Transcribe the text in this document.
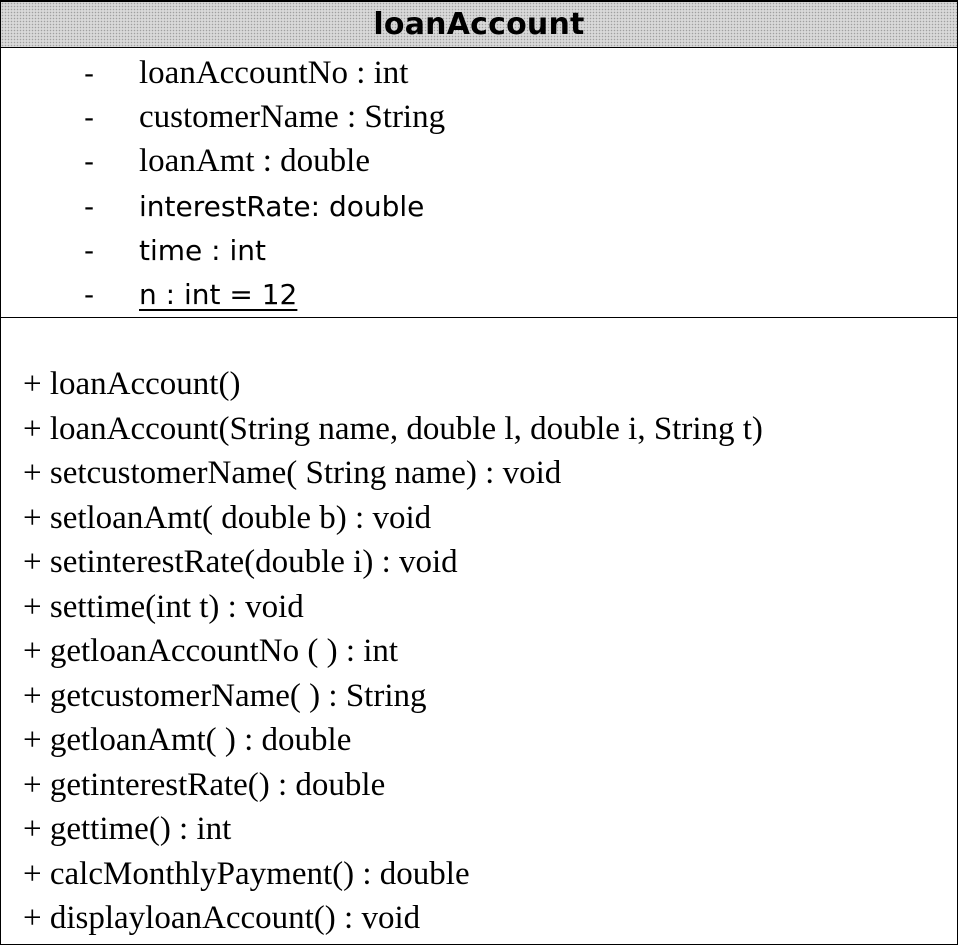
loanAccount
- loanAccountNo : int
- customerName : String
- loanAmt : double
- interestRate: double
- time : int
- n : int = 12
+ loanAccount()
+ loanAccount(String name, double l, double i, String t)
+ setcustomerName( String name) : void
+ setloanAmt( double b) : void
+ setinterestRate(double i) : void
+ settime(int t) : void
+ getloanAccountNo ( ) : int
+ getcustomerName( ) : String
+ getloanAmt( ) : double
+ getinterestRate() : double
+ gettime() : int
+ calcMonthlyPayment() : double
+ displayloanAccount() : void
